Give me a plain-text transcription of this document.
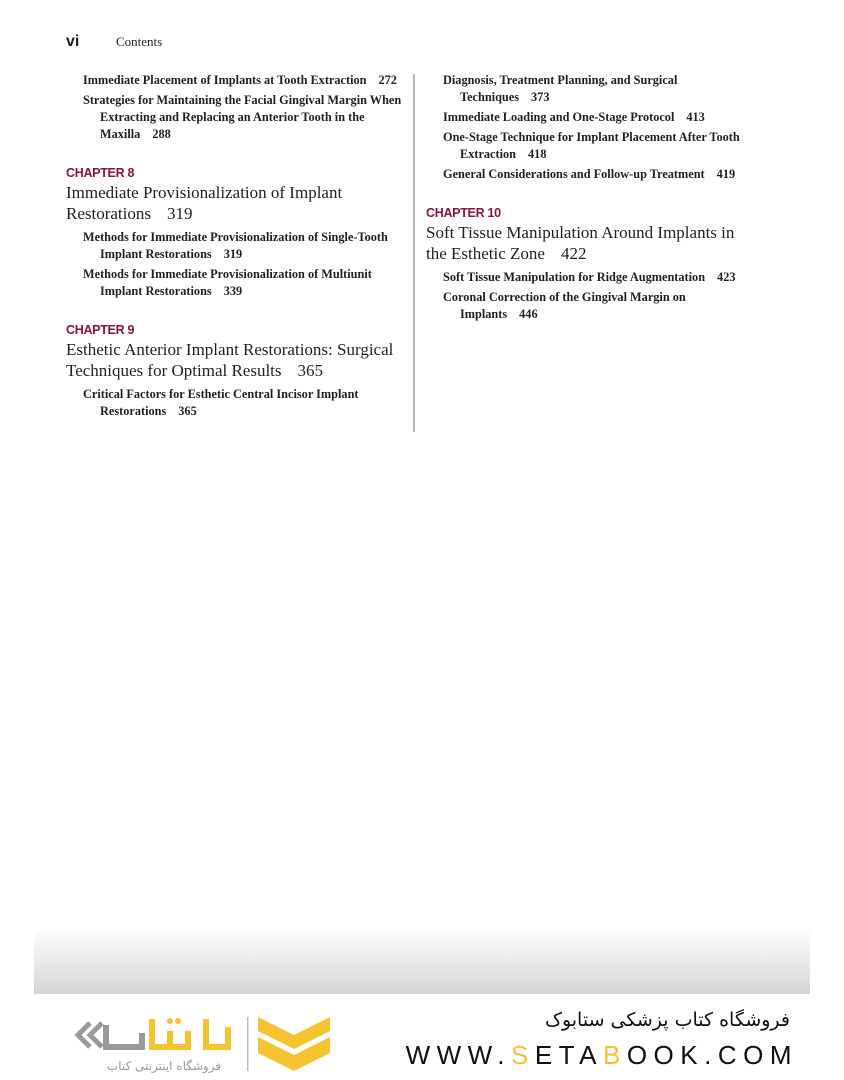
vi	Contents
Immediate Placement of Implants at Tooth Extraction 272
Strategies for Maintaining the Facial Gingival Margin When Extracting and Replacing an Anterior Tooth in the Maxilla 288
CHAPTER 8
Immediate Provisionalization of Implant Restorations 319
Methods for Immediate Provisionalization of Single-Tooth Implant Restorations 319
Methods for Immediate Provisionalization of Multiunit Implant Restorations 339
CHAPTER 9
Esthetic Anterior Implant Restorations: Surgical Techniques for Optimal Results 365
Critical Factors for Esthetic Central Incisor Implant Restorations 365
Diagnosis, Treatment Planning, and Surgical Techniques 373
Immediate Loading and One-Stage Protocol 413
One-Stage Technique for Implant Placement After Tooth Extraction 418
General Considerations and Follow-up Treatment 419
CHAPTER 10
Soft Tissue Manipulation Around Implants in the Esthetic Zone 422
Soft Tissue Manipulation for Ridge Augmentation 423
Coronal Correction of the Gingival Margin on Implants 446
فروشگاه اینترنتی کتاب
فروشگاه کتاب پزشکی ستابوک
WWW.SETABOOK.COM
